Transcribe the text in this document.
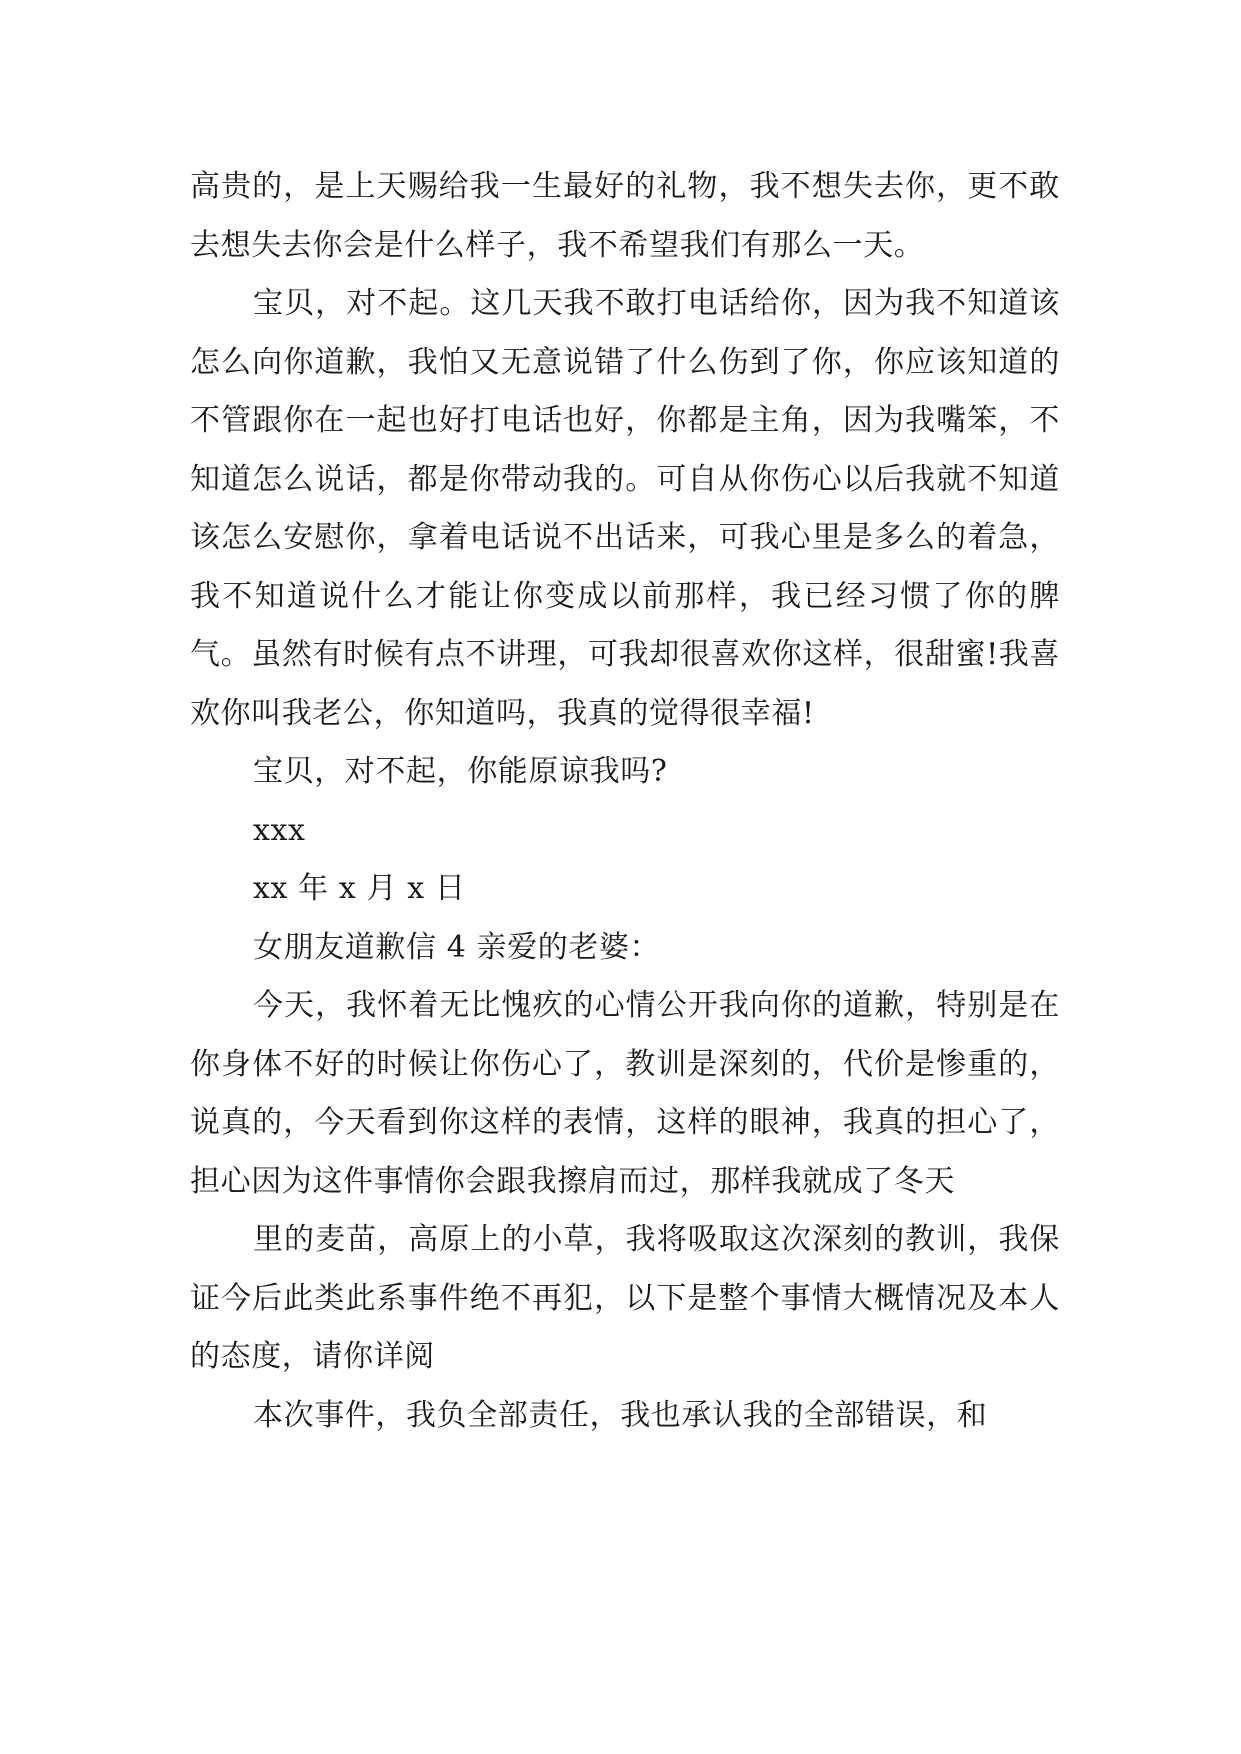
高贵的，是上天赐给我一生最好的礼物，我不想失去你，更不敢去想失去你会是什么样子，我不希望我们有那么一天。

宝贝，对不起。这几天我不敢打电话给你，因为我不知道该怎么向你道歉，我怕又无意说错了什么伤到了你，你应该知道的不管跟你在一起也好打电话也好，你都是主角，因为我嘴笨，不知道怎么说话，都是你带动我的。可自从你伤心以后我就不知道该怎么安慰你，拿着电话说不出话来，可我心里是多么的着急，我不知道说什么才能让你变成以前那样，我已经习惯了你的脾气。虽然有时候有点不讲理，可我却很喜欢你这样，很甜蜜!我喜欢你叫我老公，你知道吗，我真的觉得很幸福!

宝贝，对不起，你能原谅我吗?

xxx

xx 年 x 月 x 日

女朋友道歉信 4 亲爱的老婆：

今天，我怀着无比愧疚的心情公开我向你的道歉，特别是在你身体不好的时候让你伤心了，教训是深刻的，代价是惨重的，说真的，今天看到你这样的表情，这样的眼神，我真的担心了，担心因为这件事情你会跟我擦肩而过，那样我就成了冬天

里的麦苗，高原上的小草，我将吸取这次深刻的教训，我保证今后此类此系事件绝不再犯，以下是整个事情大概情况及本人的态度，请你详阅

本次事件，我负全部责任，我也承认我的全部错误，和
